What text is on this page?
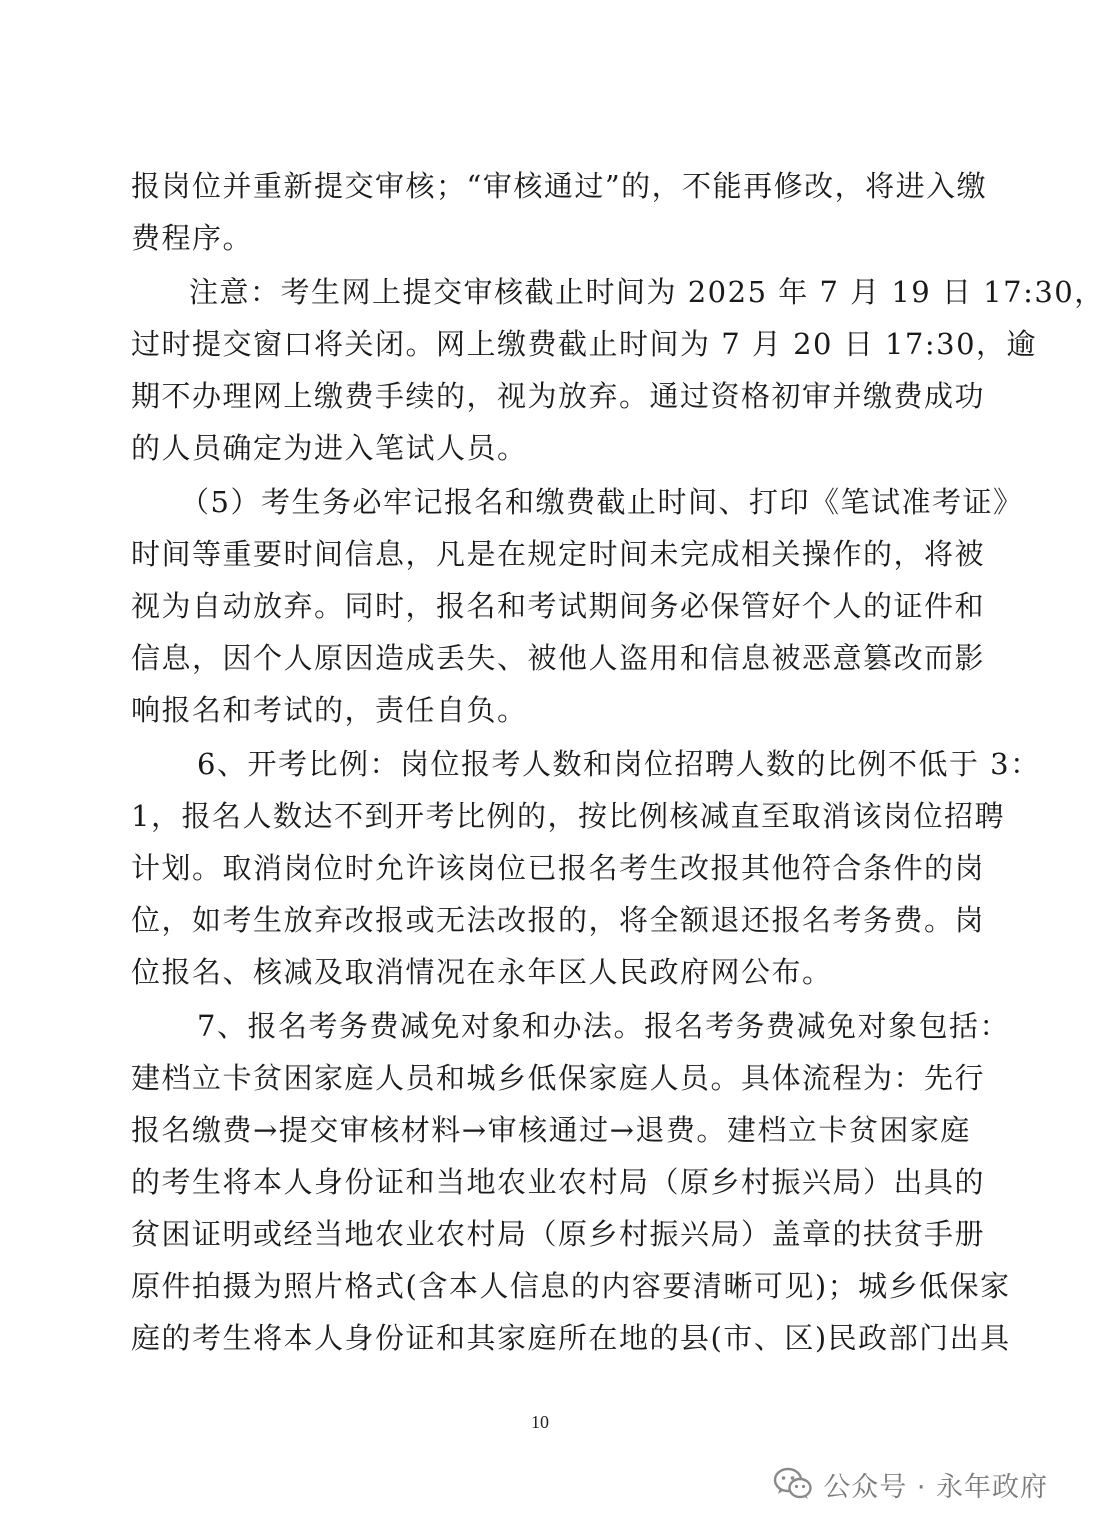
报岗位并重新提交审核；“审核通过”的，不能再修改，将进入缴
费程序。
注意：考生网上提交审核截止时间为 2025 年 7 月 19 日 17:30，
过时提交窗口将关闭。网上缴费截止时间为 7 月 20 日 17:30，逾
期不办理网上缴费手续的，视为放弃。通过资格初审并缴费成功
的人员确定为进入笔试人员。
（5）考生务必牢记报名和缴费截止时间、打印《笔试准考证》
时间等重要时间信息，凡是在规定时间未完成相关操作的，将被
视为自动放弃。同时，报名和考试期间务必保管好个人的证件和
信息，因个人原因造成丢失、被他人盗用和信息被恶意篡改而影
响报名和考试的，责任自负。
6、开考比例：岗位报考人数和岗位招聘人数的比例不低于 3：
1，报名人数达不到开考比例的，按比例核减直至取消该岗位招聘
计划。取消岗位时允许该岗位已报名考生改报其他符合条件的岗
位，如考生放弃改报或无法改报的，将全额退还报名考务费。岗
位报名、核减及取消情况在永年区人民政府网公布。
7、报名考务费减免对象和办法。报名考务费减免对象包括：
建档立卡贫困家庭人员和城乡低保家庭人员。具体流程为：先行
报名缴费→提交审核材料→审核通过→退费。建档立卡贫困家庭
的考生将本人身份证和当地农业农村局（原乡村振兴局）出具的
贫困证明或经当地农业农村局（原乡村振兴局）盖章的扶贫手册
原件拍摄为照片格式(含本人信息的内容要清晰可见)；城乡低保家
庭的考生将本人身份证和其家庭所在地的县(市、区)民政部门出具
10
公众号 · 永年政府
